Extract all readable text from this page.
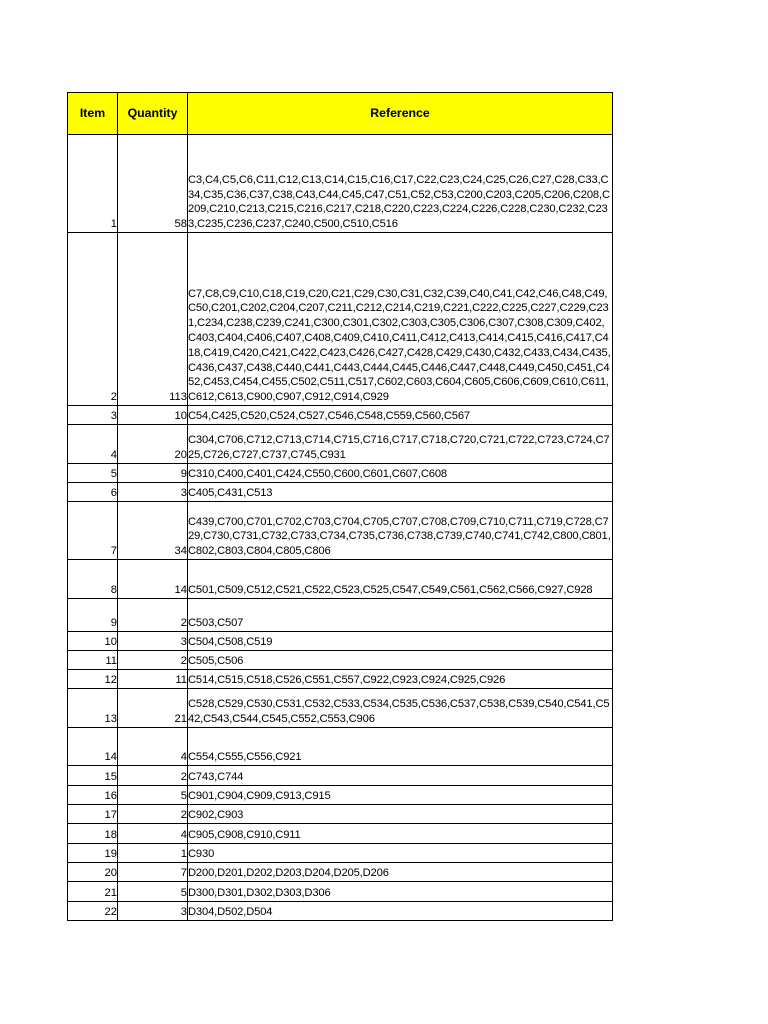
Item	Quantity	Reference
1	58	C3,C4,C5,C6,C11,C12,C13,C14,C15,C16,C17,C22,C23,C24,C25,C26,C27,C28,C33,C34,C35,C36,C37,C38,C43,C44,C45,C47,C51,C52,C53,C200,C203,C205,C206,C208,C209,C210,C213,C215,C216,C217,C218,C220,C223,C224,C226,C228,C230,C232,C233,C235,C236,C237,C240,C500,C510,C516
2	113	C7,C8,C9,C10,C18,C19,C20,C21,C29,C30,C31,C32,C39,C40,C41,C42,C46,C48,C49,C50,C201,C202,C204,C207,C211,C212,C214,C219,C221,C222,C225,C227,C229,C231,C234,C238,C239,C241,C300,C301,C302,C303,C305,C306,C307,C308,C309,C402,C403,C404,C406,C407,C408,C409,C410,C411,C412,C413,C414,C415,C416,C417,C418,C419,C420,C421,C422,C423,C426,C427,C428,C429,C430,C432,C433,C434,C435,C436,C437,C438,C440,C441,C443,C444,C445,C446,C447,C448,C449,C450,C451,C452,C453,C454,C455,C502,C511,C517,C602,C603,C604,C605,C606,C609,C610,C611,C612,C613,C900,C907,C912,C914,C929
3	10	C54,C425,C520,C524,C527,C546,C548,C559,C560,C567
4	20	C304,C706,C712,C713,C714,C715,C716,C717,C718,C720,C721,C722,C723,C724,C725,C726,C727,C737,C745,C931
5	9	C310,C400,C401,C424,C550,C600,C601,C607,C608
6	3	C405,C431,C513
7	34	C439,C700,C701,C702,C703,C704,C705,C707,C708,C709,C710,C711,C719,C728,C729,C730,C731,C732,C733,C734,C735,C736,C738,C739,C740,C741,C742,C800,C801,C802,C803,C804,C805,C806
8	14	C501,C509,C512,C521,C522,C523,C525,C547,C549,C561,C562,C566,C927,C928
9	2	C503,C507
10	3	C504,C508,C519
11	2	C505,C506
12	11	C514,C515,C518,C526,C551,C557,C922,C923,C924,C925,C926
13	21	C528,C529,C530,C531,C532,C533,C534,C535,C536,C537,C538,C539,C540,C541,C542,C543,C544,C545,C552,C553,C906
14	4	C554,C555,C556,C921
15	2	C743,C744
16	5	C901,C904,C909,C913,C915
17	2	C902,C903
18	4	C905,C908,C910,C911
19	1	C930
20	7	D200,D201,D202,D203,D204,D205,D206
21	5	D300,D301,D302,D303,D306
22	3	D304,D502,D504
